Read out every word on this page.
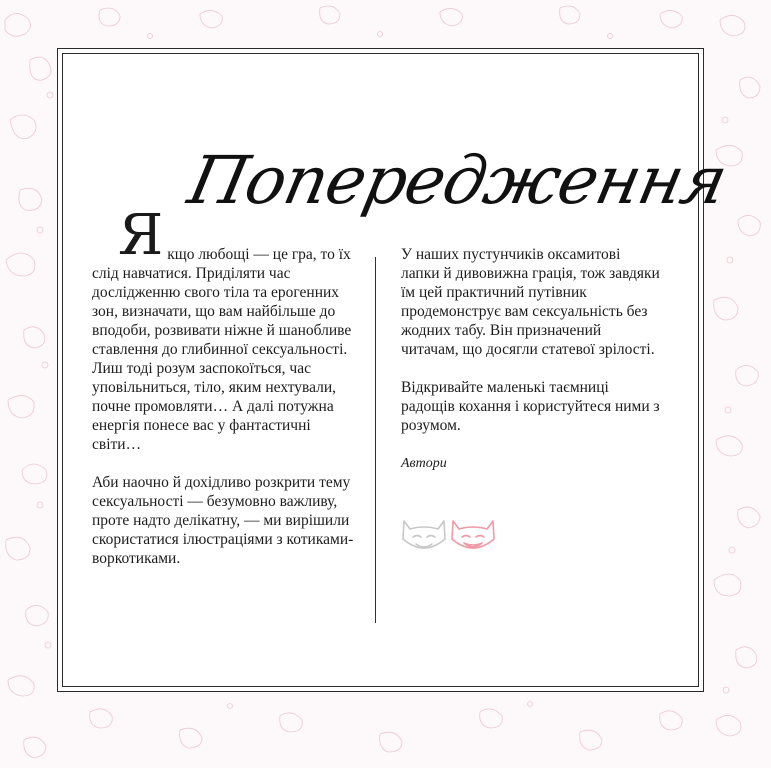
Попередження
Я кщо любощі — це гра, то їх слід навчатися. Приділяти час дослідженню свого тіла та ерогенних зон, визначати, що вам найбільше до вподоби, розвивати ніжне й шанобливе ставлення до глибинної сексуальності. Лиш тоді розум заспокоїться, час уповільниться, тіло, яким нехтували, почне промовляти… А далі потужна енергія понесе вас у фантастичні світи…

Аби наочно й дохідливо розкрити тему сексуальності — безумовно важливу, проте надто делікатну, — ми вирішили скористатися ілюстраціями з котиками-воркотиками.

У наших пустунчиків оксамитові лапки й дивовижна грація, тож завдяки їм цей практичний путівник продемонструє вам сексуальність без жодних табу. Він призначений читачам, що досягли статевої зрілості.

Відкривайте маленькі таємниці радощів кохання і користуйтеся ними з розумом.

Автори
